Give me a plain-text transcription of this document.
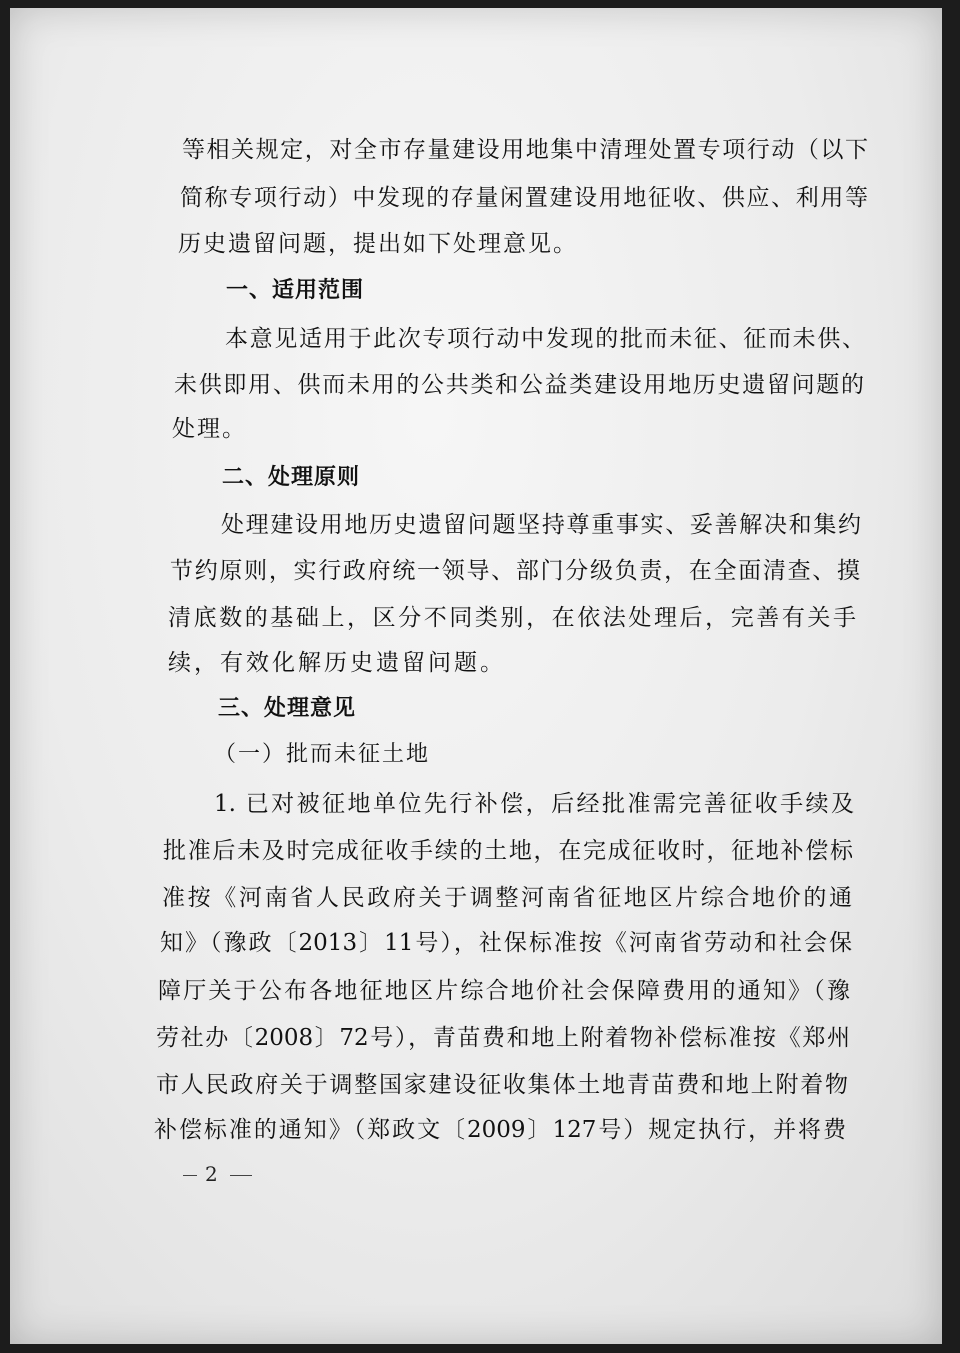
等相关规定，对全市存量建设用地集中清理处置专项行动（以下
简称专项行动）中发现的存量闲置建设用地征收、供应、利用等
历史遗留问题，提出如下处理意见。
一、适用范围
本意见适用于此次专项行动中发现的批而未征、征而未供、
未供即用、供而未用的公共类和公益类建设用地历史遗留问题的
处理。
二、处理原则
处理建设用地历史遗留问题坚持尊重事实、妥善解决和集约
节约原则，实行政府统一领导、部门分级负责，在全面清查、摸
清底数的基础上，区分不同类别，在依法处理后，完善有关手
续，有效化解历史遗留问题。
三、处理意见
（一）批而未征土地
1. 已对被征地单位先行补偿，后经批准需完善征收手续及
批准后未及时完成征收手续的土地，在完成征收时，征地补偿标
准按《河南省人民政府关于调整河南省征地区片综合地价的通
知》（豫政〔2013〕11号），社保标准按《河南省劳动和社会保
障厅关于公布各地征地区片综合地价社会保障费用的通知》（豫
劳社办〔2008〕72号），青苗费和地上附着物补偿标准按《郑州
市人民政府关于调整国家建设征收集体土地青苗费和地上附着物
补偿标准的通知》（郑政文〔2009〕127号）规定执行，并将费
2
